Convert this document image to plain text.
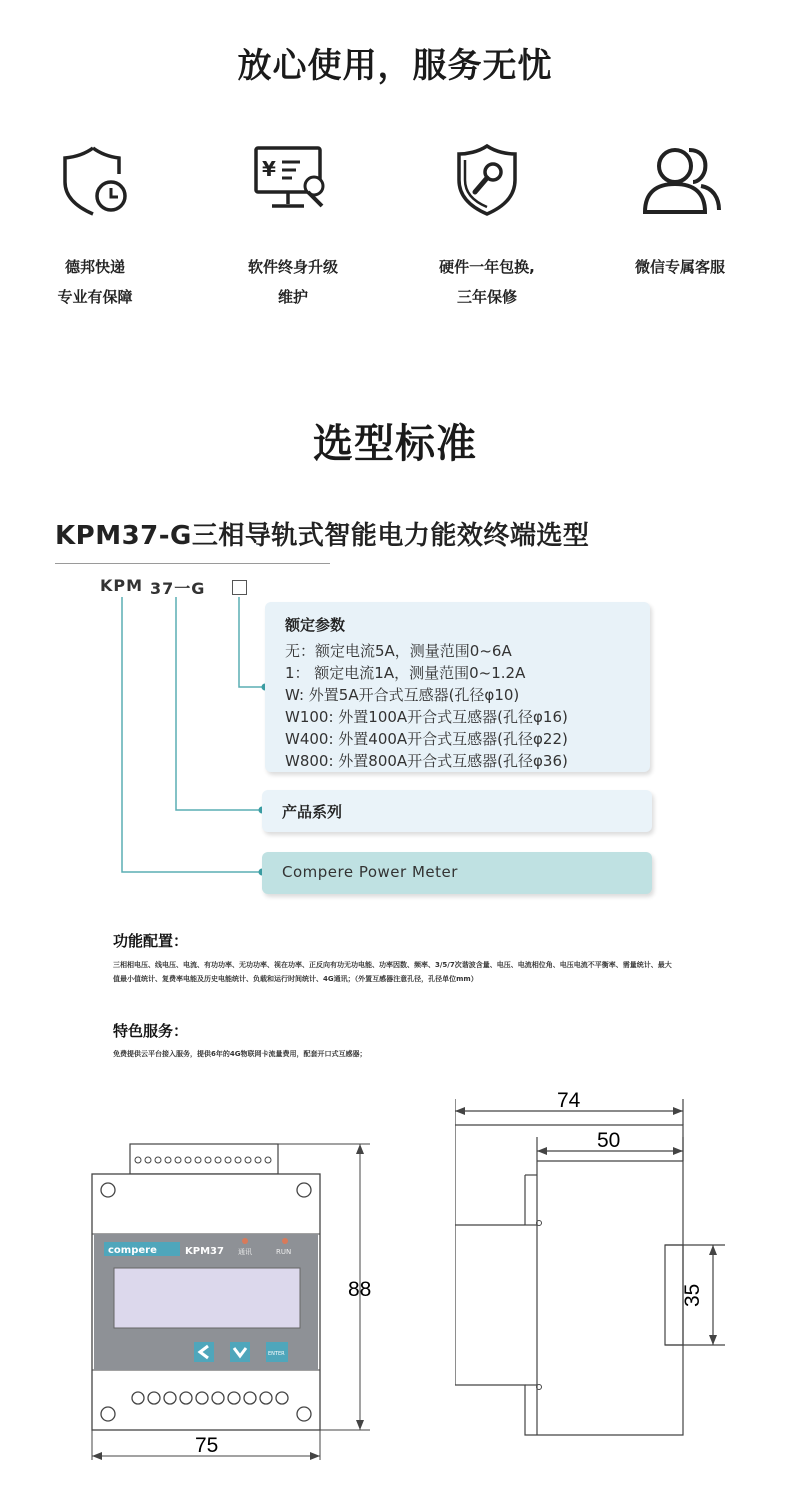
放心使用，服务无忧
德邦快递
专业有保障
¥
软件终身升级
维护
硬件一年包换,
三年保修
微信专属客服
选型标准
KPM37-G三相导轨式智能电力能效终端选型
KPM 37一G
额定参数
无：额定电流5A，测量范围0~6A
1： 额定电流1A，测量范围0~1.2A
W: 外置5A开合式互感器(孔径φ10)
W100: 外置100A开合式互感器(孔径φ16)
W400: 外置400A开合式互感器(孔径φ22)
W800: 外置800A开合式互感器(孔径φ36)
产品系列
Compere Power Meter
功能配置：
三相相电压、线电压、电流、有功功率、无功功率、视在功率、正反向有功无功电能、功率因数、频率、3/5/7次谐波含量、电压、电流相位角、电压电流不平衡率、需量统计、最大值最小值统计、复费率电能及历史电能统计、负载和运行时间统计、4G通讯；（外置互感器注意孔径，孔径单位mm）
特色服务：
免费提供云平台接入服务，提供6年的4G物联网卡流量费用，配套开口式互感器；
compere	KPM37 通讯	RUN
ENTER
88
75
74
50
35
